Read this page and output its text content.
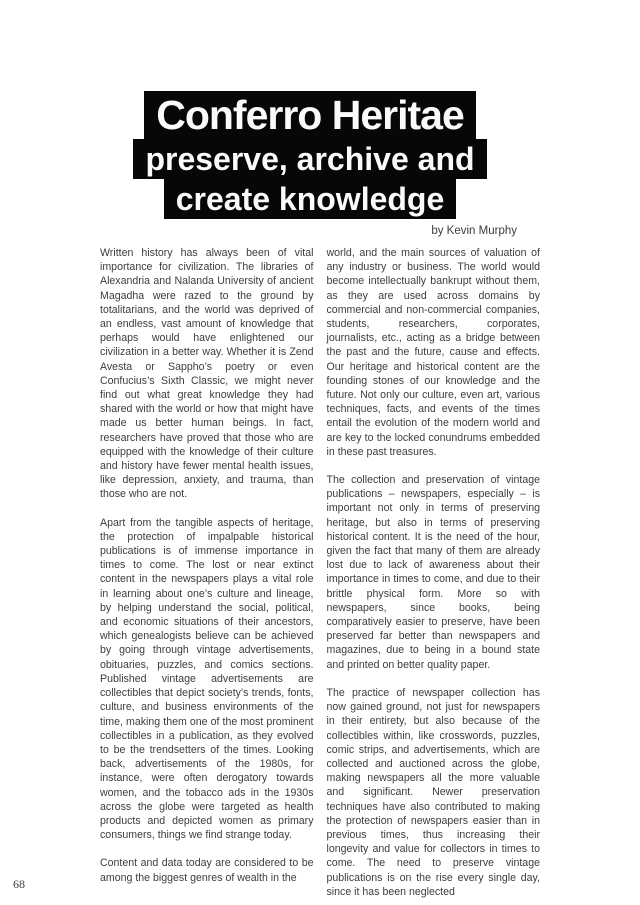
Conferro Heritae
preserve, archive and
create knowledge
by Kevin Murphy

Written history has always been of vital importance for civilization. The libraries of Alexandria and Nalanda University of ancient Magadha were razed to the ground by totalitarians, and the world was deprived of an endless, vast amount of knowledge that perhaps would have enlightened our civilization in a better way. Whether it is Zend Avesta or Sappho’s poetry or even Confucius’s Sixth Classic, we might never find out what great knowledge they had shared with the world or how that might have made us better human beings. In fact, researchers have proved that those who are equipped with the knowledge of their culture and history have fewer mental health issues, like depression, anxiety, and trauma, than those who are not.

Apart from the tangible aspects of heritage, the protection of impalpable historical publications is of immense importance in times to come. The lost or near extinct content in the newspapers plays a vital role in learning about one’s culture and lineage, by helping understand the social, political, and economic situations of their ancestors, which genealogists believe can be achieved by going through vintage advertisements, obituaries, puzzles, and comics sections. Published vintage advertisements are collectibles that depict society’s trends, fonts, culture, and business environments of the time, making them one of the most prominent collectibles in a publication, as they evolved to be the trendsetters of the times. Looking back, advertisements of the 1980s, for instance, were often derogatory towards women, and the tobacco ads in the 1930s across the globe were targeted as health products and depicted women as primary consumers, things we find strange today.

Content and data today are considered to be among the biggest genres of wealth in the

world, and the main sources of valuation of any industry or business. The world would become intellectually bankrupt without them, as they are used across domains by commercial and non-commercial companies, students, researchers, corporates, journalists, etc., acting as a bridge between the past and the future, cause and effects. Our heritage and historical content are the founding stones of our knowledge and the future. Not only our culture, even art, various techniques, facts, and events of the times entail the evolution of the modern world and are key to the locked conundrums embedded in these past treasures.

The collection and preservation of vintage publications – newspapers, especially – is important not only in terms of preserving heritage, but also in terms of preserving historical content. It is the need of the hour, given the fact that many of them are already lost due to lack of awareness about their importance in times to come, and due to their brittle physical form. More so with newspapers, since books, being comparatively easier to preserve, have been preserved far better than newspapers and magazines, due to being in a bound state and printed on better quality paper.

The practice of newspaper collection has now gained ground, not just for newspapers in their entirety, but also because of the collectibles within, like crosswords, puzzles, comic strips, and advertisements, which are collected and auctioned across the globe, making newspapers all the more valuable and significant. Newer preservation techniques have also contributed to making the protection of newspapers easier than in previous times, thus increasing their longevity and value for collectors in times to come. The need to preserve vintage publications is on the rise every single day, since it has been neglected

68
